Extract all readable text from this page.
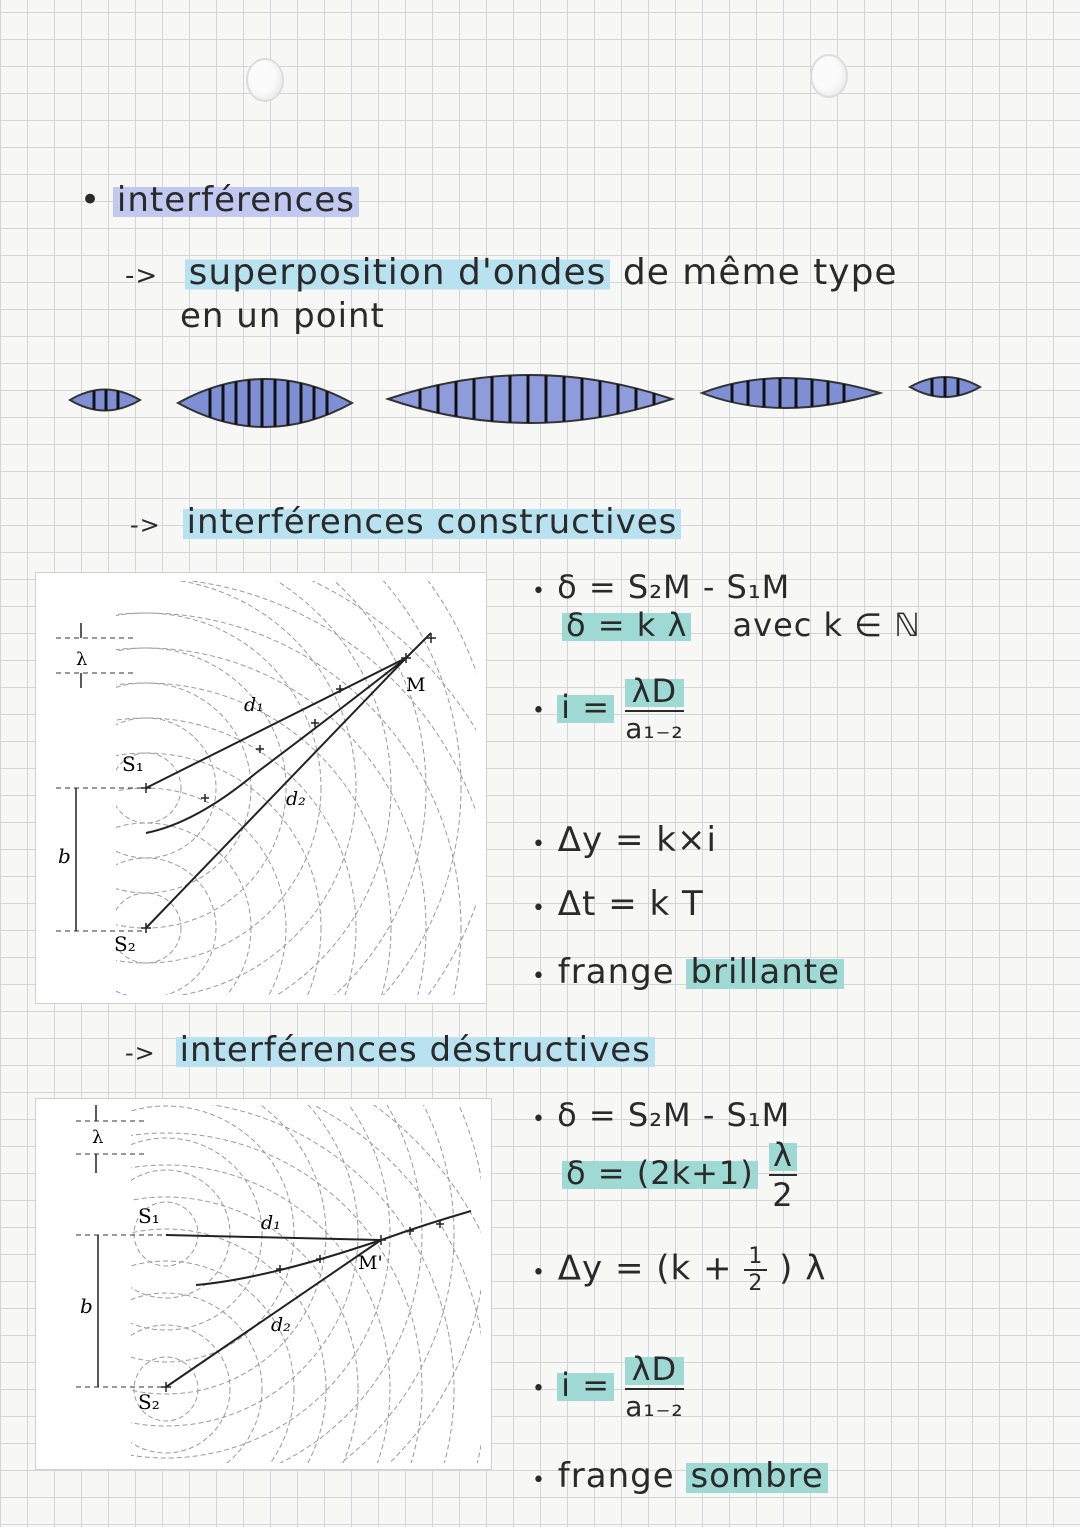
• interférences
-> superposition d'ondes de même type
en un point
-> interférences constructives
λ
b
S₁
S₂
d₁
d₂
M
• δ = S₂M - S₁M
δ = k λ avec k ∈ ℕ
• $i = \frac{\lambda D}{\text{a₁₋₂}}$
• Δy = k×i
• Δt = k T
• frange brillante
-> interférences déstructives
λ
b
S₁
S₂
d₁
d₂
M'
• δ = S₂M - S₁M
$\delta = (2k+1) \frac{\lambda}{2}$
• $\Delta y = (k + \frac{1}{2}$ ) λ
• $i = \frac{\lambda D}{\text{a₁₋₂}}$
• frange sombre
